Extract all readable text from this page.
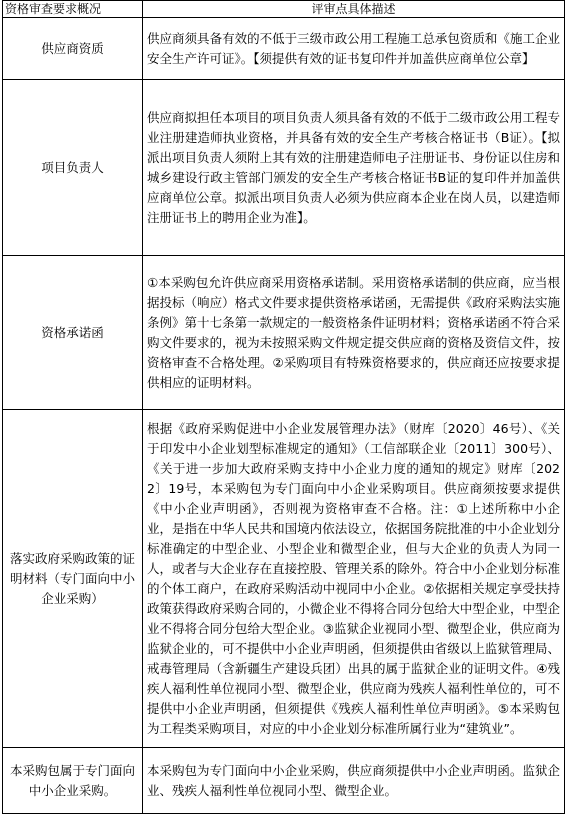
资格审查要求概况	评审点具体描述
供应商资质	供应商须具备有效的不低于三级市政公用工程施工总承包资质和《施工企业安全生产许可证》。【须提供有效的证书复印件并加盖供应商单位公章】
项目负责人	供应商拟担任本项目的项目负责人须具备有效的不低于二级市政公用工程专业注册建造师执业资格，并具备有效的安全生产考核合格证书（B证）。【拟派出项目负责人须附上其有效的注册建造师电子注册证书、身份证以住房和城乡建设行政主管部门颁发的安全生产考核合格证书B证的复印件并加盖供应商单位公章。拟派出项目负责人必须为供应商本企业在岗人员，以建造师注册证书上的聘用企业为准】。
资格承诺函	①本采购包允许供应商采用资格承诺制。采用资格承诺制的供应商，应当根据投标（响应）格式文件要求提供资格承诺函，无需提供《政府采购法实施条例》第十七条第一款规定的一般资格条件证明材料；资格承诺函不符合采购文件要求的，视为未按照采购文件规定提交供应商的资格及资信文件，按资格审查不合格处理。②采购项目有特殊资格要求的，供应商还应按要求提供相应的证明材料。
落实政府采购政策的证明材料（专门面向中小企业采购）	根据《政府采购促进中小企业发展管理办法》（财库〔2020〕46号）、《关于印发中小企业划型标准规定的通知》（工信部联企业〔2011〕300号）、《关于进一步加大政府采购支持中小企业力度的通知的规定》财库〔2022〕19号，本采购包为专门面向中小企业采购项目。供应商须按要求提供《中小企业声明函》，否则视为资格审查不合格。注：①上述所称中小企业，是指在中华人民共和国境内依法设立，依据国务院批准的中小企业划分标准确定的中型企业、小型企业和微型企业，但与大企业的负责人为同一人，或者与大企业存在直接控股、管理关系的除外。符合中小企业划分标准的个体工商户，在政府采购活动中视同中小企业。②依据相关规定享受扶持政策获得政府采购合同的，小微企业不得将合同分包给大中型企业，中型企业不得将合同分包给大型企业。③监狱企业视同小型、微型企业，供应商为监狱企业的，可不提供中小企业声明函，但须提供由省级以上监狱管理局、戒毒管理局（含新疆生产建设兵团）出具的属于监狱企业的证明文件。④残疾人福利性单位视同小型、微型企业，供应商为残疾人福利性单位的，可不提供中小企业声明函，但须提供《残疾人福利性单位声明函》。⑤本采购包为工程类采购项目，对应的中小企业划分标准所属行业为“建筑业”。
本采购包属于专门面向中小企业采购。	本采购包为专门面向中小企业采购，供应商须提供中小企业声明函。监狱企业、残疾人福利性单位视同小型、微型企业。
